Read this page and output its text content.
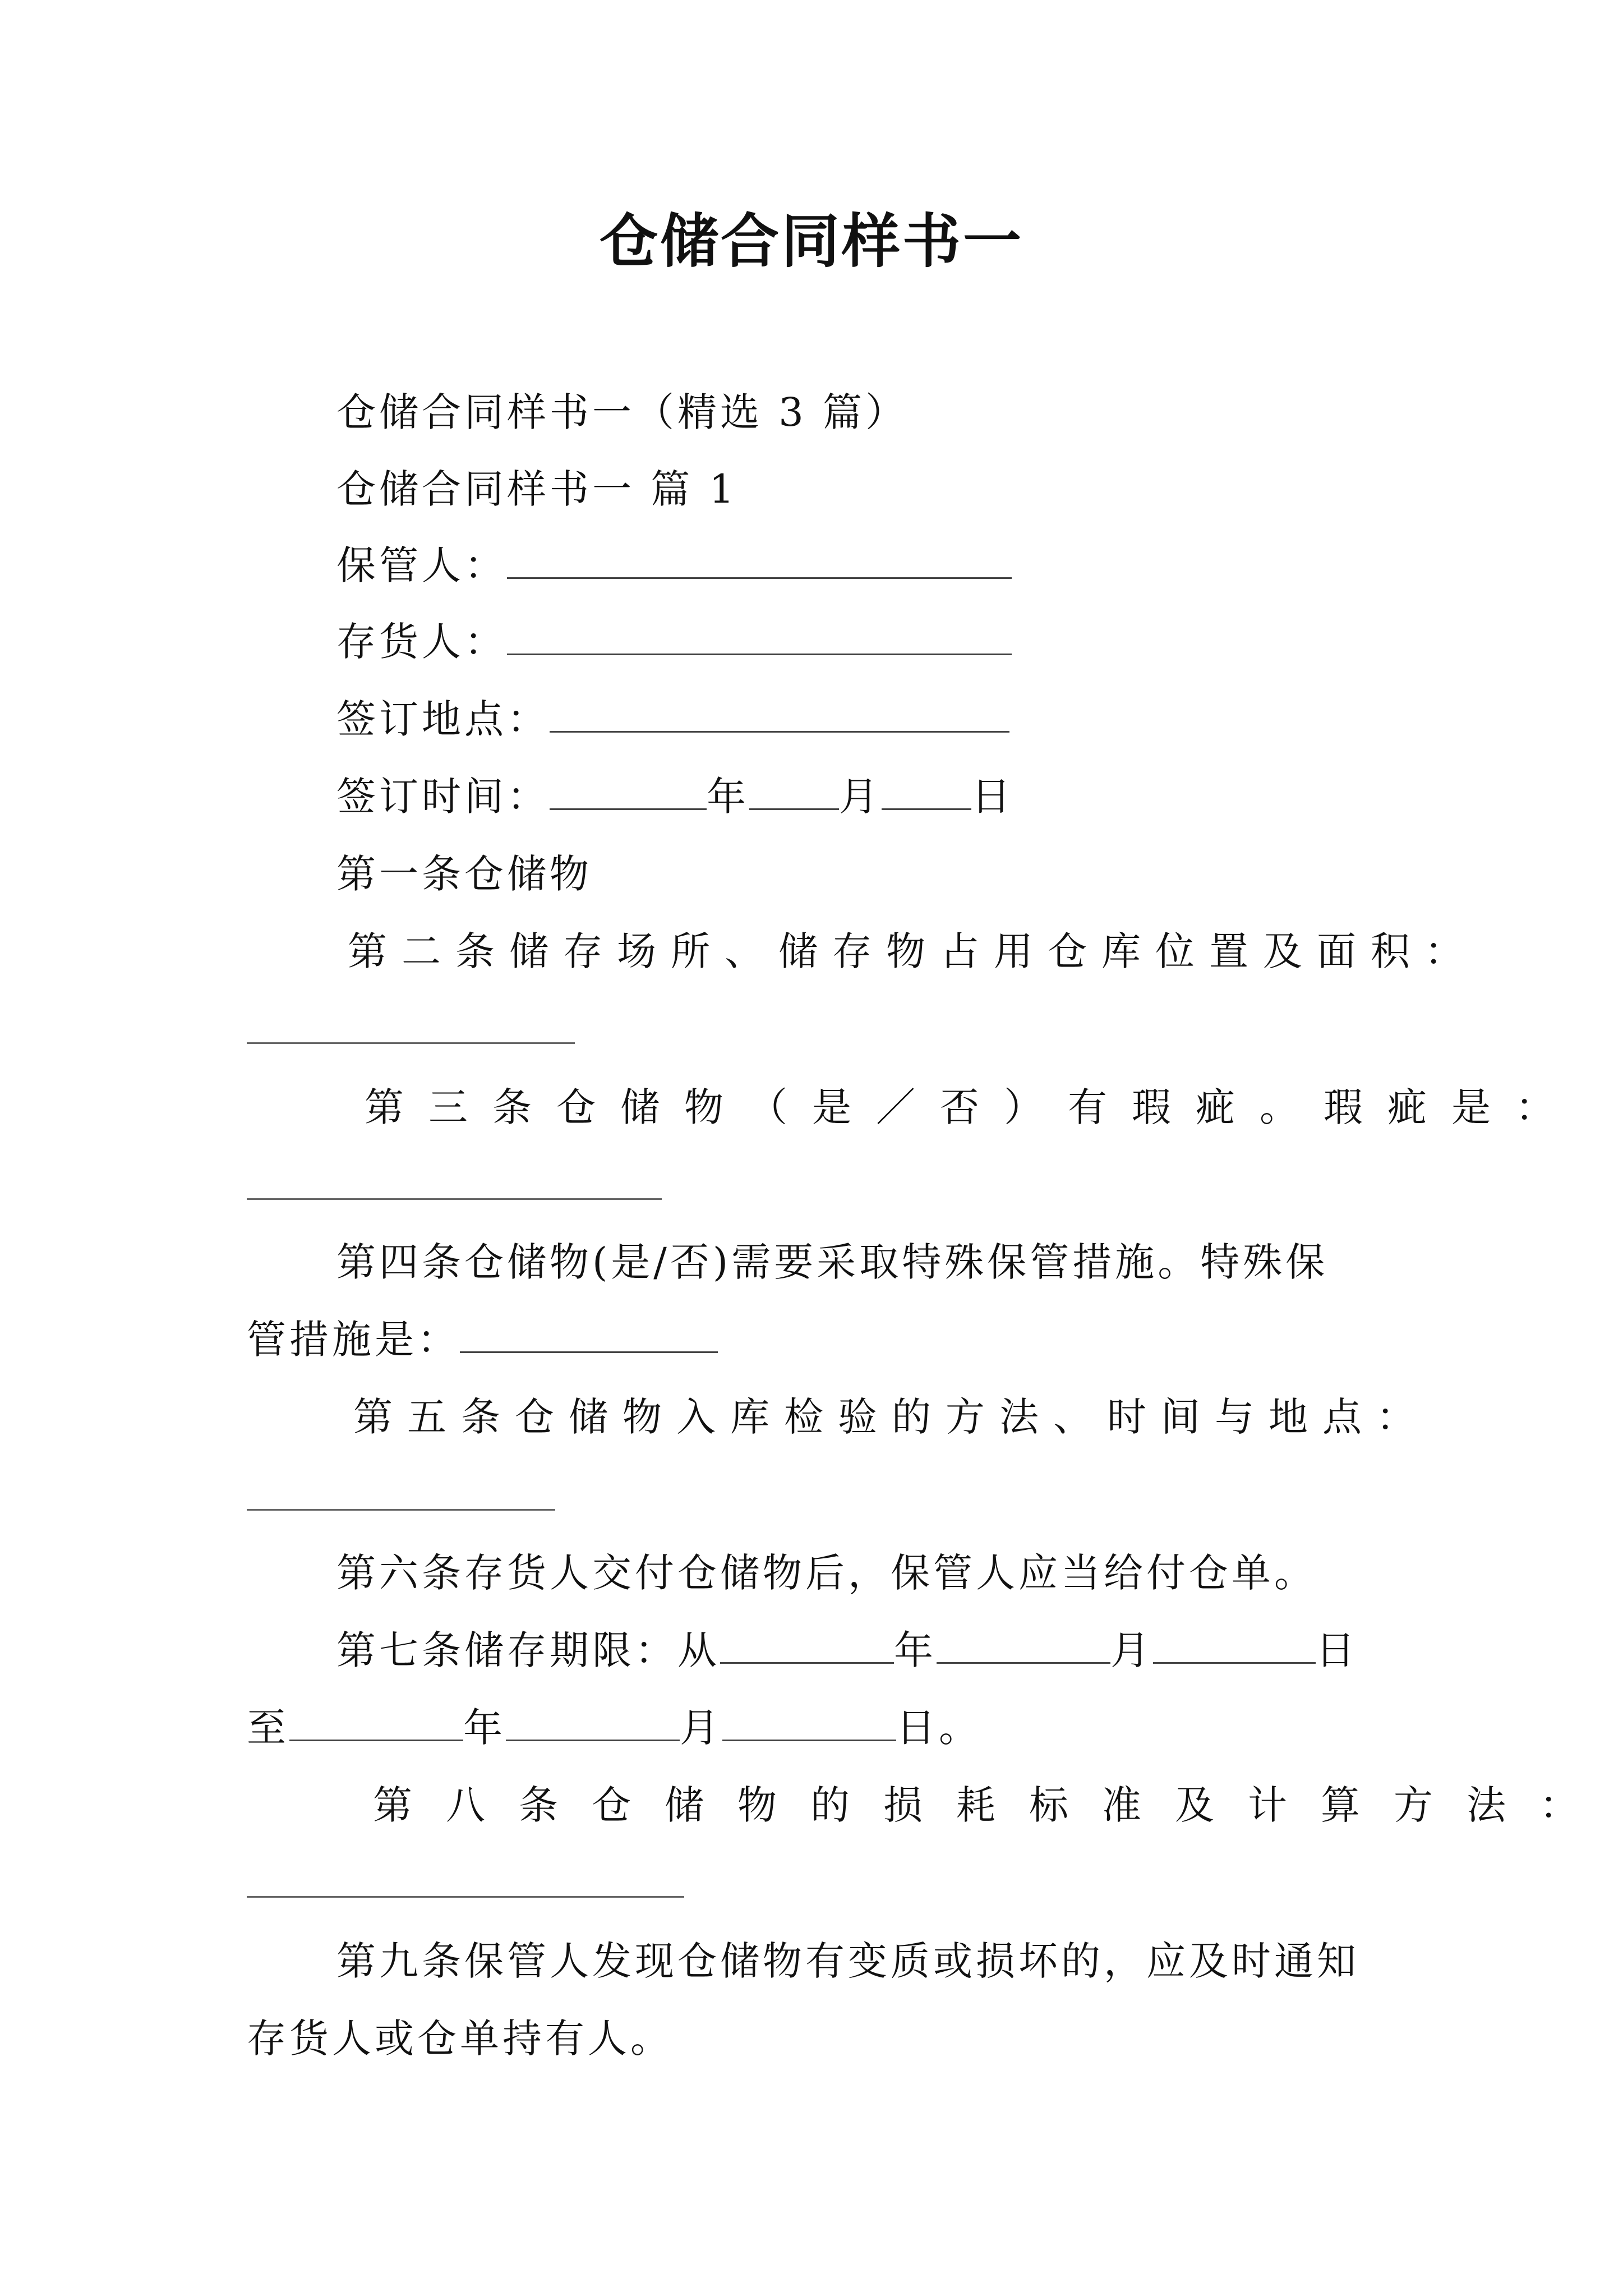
仓储合同样书一
仓储合同样书一（精选 3 篇）
仓储合同样书一 篇 1
保管人：
存货人：
签订地点：
签订时间：	年 月 日
第一条仓储物
第二条储存场所、储存物占用仓库位置及面积：
第三条仓储物（是／否）有瑕疵。瑕疵是：
第四条仓储物(是/否)需要采取特殊保管措施。特殊保
管措施是：
第五条仓储物入库检验的方法、时间与地点：
第六条存货人交付仓储物后，保管人应当给付仓单。
第七条储存期限：从	年	月	日
至	年	月	日。
第八条仓储物的损耗标准及计算方法：
第九条保管人发现仓储物有变质或损坏的，应及时通知
存货人或仓单持有人。
